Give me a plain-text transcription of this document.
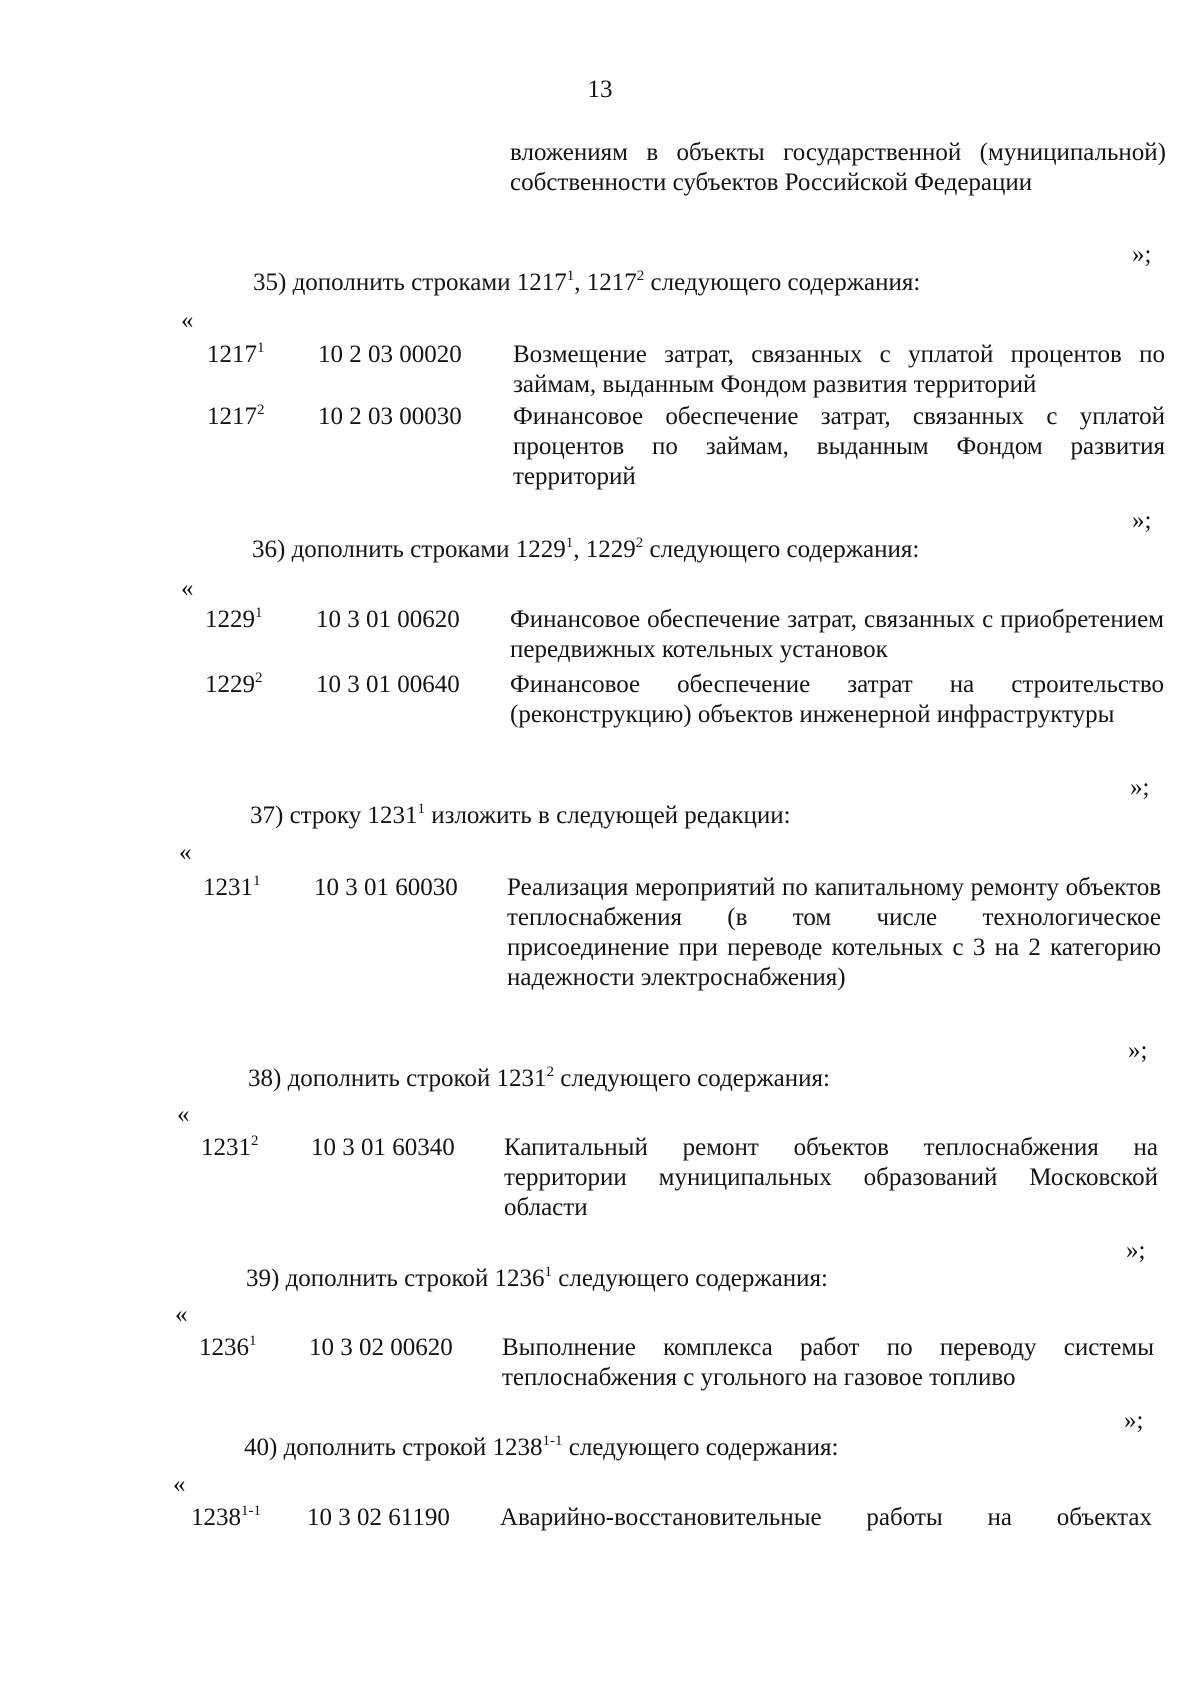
13
вложениям в объекты государственной (муниципальной) собственности субъектов Российской Федерации
»;

35) дополнить строками 1217$^1$, 1217$^2$ следующего содержания:

«
1217$^1$ 10 2 03 00020 Возмещение затрат, связанных с уплатой процентов по займам, выданным Фондом развития территорий
1217$^2$ 10 2 03 00030 Финансовое обеспечение затрат, связанных с уплатой процентов по займам, выданным Фондом развития территорий
»;

36) дополнить строками 1229$^1$, 1229$^2$ следующего содержания:

«
1229$^1$ 10 3 01 00620 Финансовое обеспечение затрат, связанных с приобретением передвижных котельных установок
1229$^2$ 10 3 01 00640 Финансовое обеспечение затрат на строительство (реконструкцию) объектов инженерной инфраструктуры
»;

37) строку 1231$^1$ изложить в следующей редакции:

«
1231$^1$ 10 3 01 60030 Реализация мероприятий по капитальному ремонту объектов теплоснабжения (в том числе технологическое присоединение при переводе котельных с 3 на 2 категорию надежности электроснабжения)
»;

38) дополнить строкой 1231$^2$ следующего содержания:

«
1231$^2$ 10 3 01 60340 Капитальный ремонт объектов теплоснабжения на территории муниципальных образований Московской области
»;

39) дополнить строкой 1236$^1$ следующего содержания:

«
1236$^1$ 10 3 02 00620 Выполнение комплекса работ по переводу системы теплоснабжения с угольного на газовое топливо
»;

40) дополнить строкой 1238$^{1-1}$ следующего содержания:

«
1238$^{1-1}$ 10 3 02 61190 Аварийно-восстановительные работы на объектах
